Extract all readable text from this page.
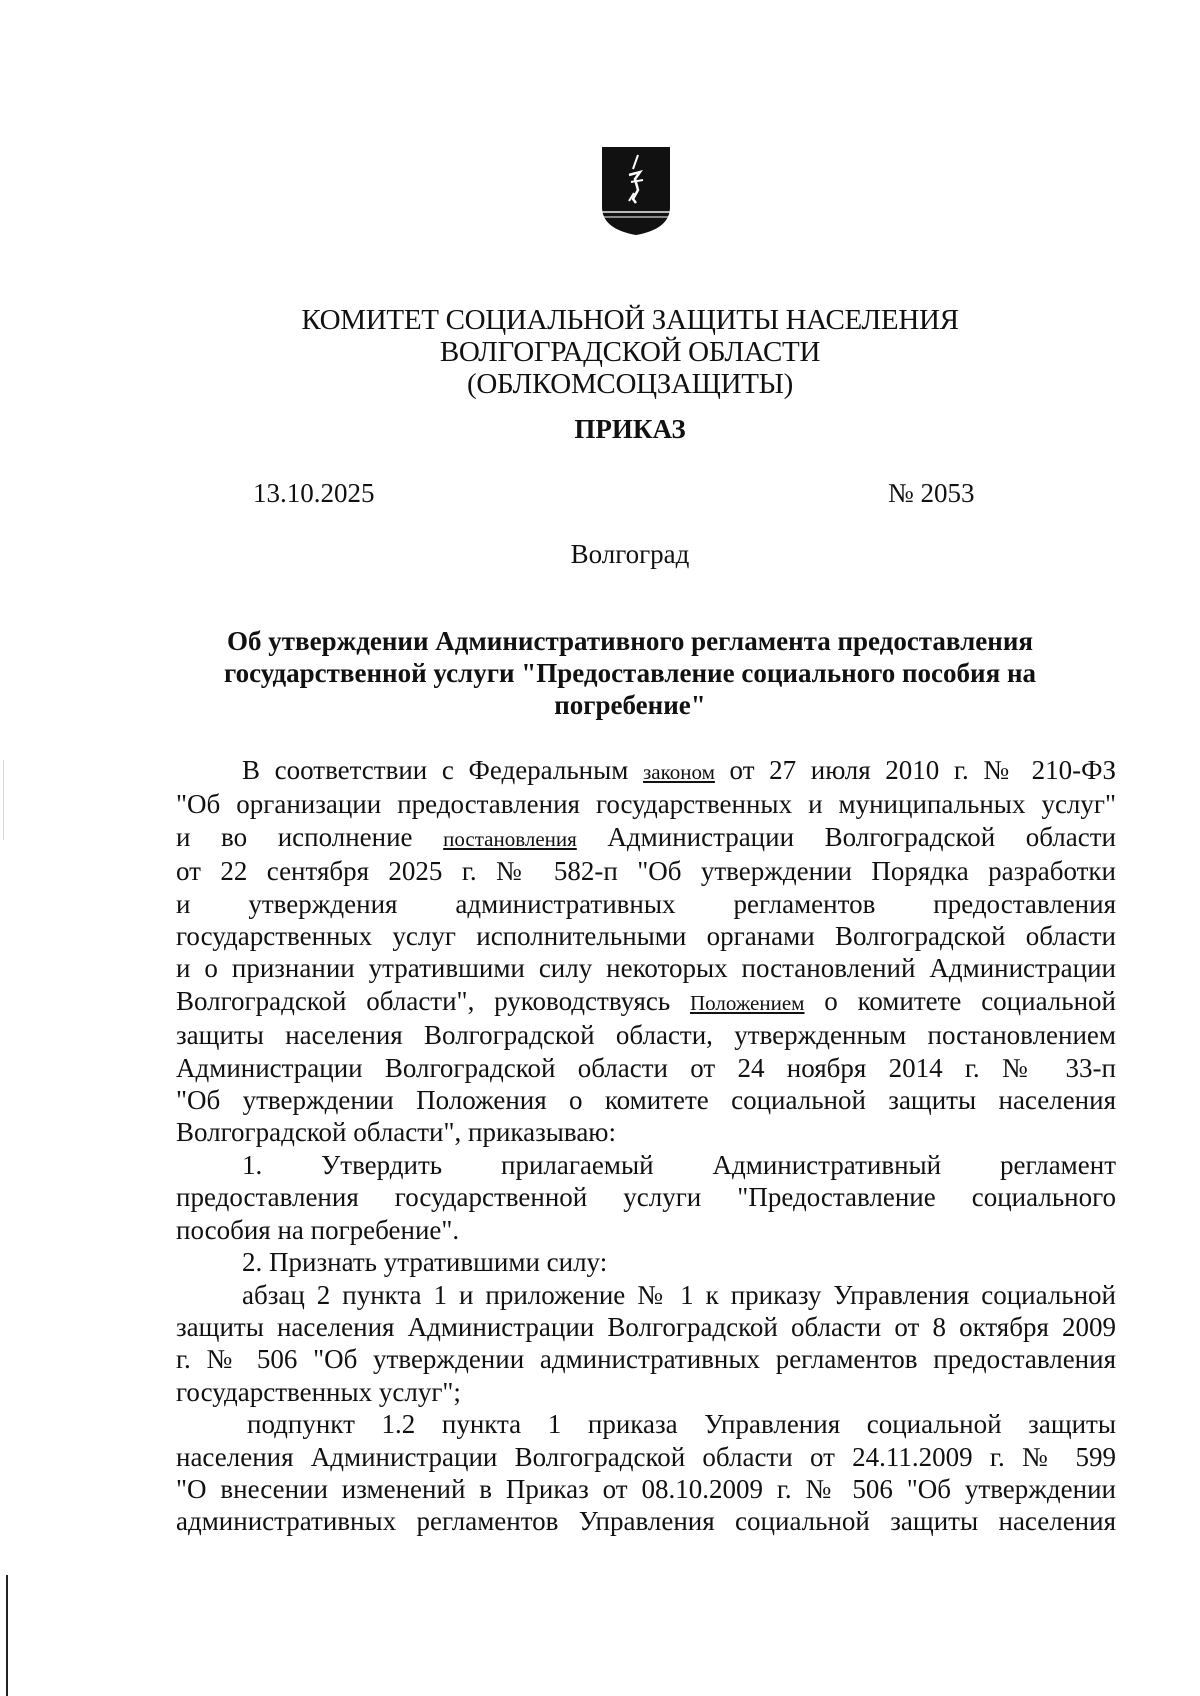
КОМИТЕТ СОЦИАЛЬНОЙ ЗАЩИТЫ НАСЕЛЕНИЯ
ВОЛГОГРАДСКОЙ ОБЛАСТИ
(ОБЛКОМСОЦЗАЩИТЫ)
ПРИКАЗ
13.10.2025	№ 2053
Волгоград
Об утверждении Административного регламента предоставления
государственной услуги "Предоставление социального пособия на
погребение"
В соответствии с Федеральным законом от 27 июля 2010 г. № 210-ФЗ
"Об организации предоставления государственных и муниципальных услуг"
и во исполнение постановления Администрации Волгоградской области
от 22 сентября 2025 г. № 582-п "Об утверждении Порядка разработки
и утверждения административных регламентов предоставления
государственных услуг исполнительными органами Волгоградской области
и о признании утратившими силу некоторых постановлений Администрации
Волгоградской области", руководствуясь Положением о комитете социальной
защиты населения Волгоградской области, утвержденным постановлением
Администрации Волгоградской области от 24 ноября 2014 г. № 33-п
"Об утверждении Положения о комитете социальной защиты населения
Волгоградской области", приказываю:
1. Утвердить прилагаемый Административный регламент
предоставления государственной услуги "Предоставление социального
пособия на погребение".
2. Признать утратившими силу:
абзац 2 пункта 1 и приложение № 1 к приказу Управления социальной
защиты населения Администрации Волгоградской области от 8 октября 2009
г. № 506 "Об утверждении административных регламентов предоставления
государственных услуг";
подпункт 1.2 пункта 1 приказа Управления социальной защиты
населения Администрации Волгоградской области от 24.11.2009 г. № 599
"О внесении изменений в Приказ от 08.10.2009 г. № 506 "Об утверждении
административных регламентов Управления социальной защиты населения
